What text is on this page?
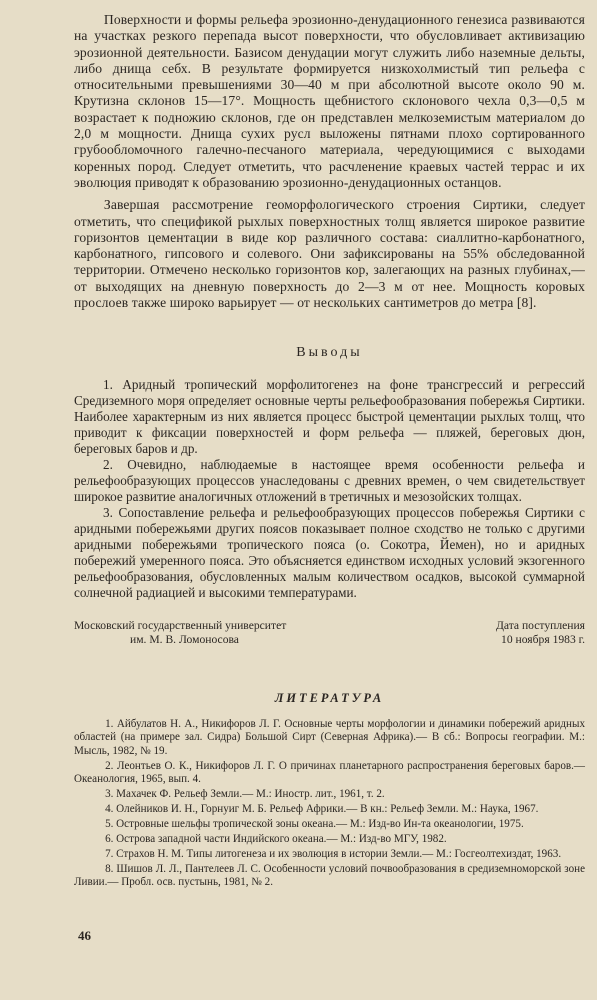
Поверхности и формы рельефа эрозионно-денудационного генезиса развиваются на участках резкого перепада высот поверхности, что обусловливает активизацию эрозионной деятельности. Базисом денудации могут служить либо наземные дельты, либо днища себх. В результате формируется низкохолмистый тип рельефа с относительными превышениями 30—40 м при абсолютной высоте около 90 м. Крутизна склонов 15—17°. Мощность щебнистого склонового чехла 0,3—0,5 м возрастает к подножию склонов, где он представлен мелкоземистым материалом до 2,0 м мощности. Днища сухих русл выложены пятнами плохо сортированного грубообломочного галечно-песчаного материала, чередующимися с выходами коренных пород. Следует отметить, что расчленение краевых частей террас и их эволюция приводят к образованию эрозионно-денудационных останцов.

Завершая рассмотрение геоморфологического строения Сиртики, следует отметить, что спецификой рыхлых поверхностных толщ является широкое развитие горизонтов цементации в виде кор различного состава: сиаллитно-карбонатного, карбонатного, гипсового и солевого. Они зафиксированы на 55% обследованной территории. Отмечено несколько горизонтов кор, залегающих на разных глубинах,— от выходящих на дневную поверхность до 2—3 м от нее. Мощность коровых прослоев также широко варьирует — от нескольких сантиметров до метра [8].

Выводы

1. Аридный тропический морфолитогенез на фоне трансгрессий и регрессий Средиземного моря определяет основные черты рельефообразования побережья Сиртики. Наиболее характерным из них является процесс быстрой цементации рыхлых толщ, что приводит к фиксации поверхностей и форм рельефа — пляжей, береговых дюн, береговых баров и др.

2. Очевидно, наблюдаемые в настоящее время особенности рельефа и рельефообразующих процессов унаследованы с древних времен, о чем свидетельствует широкое развитие аналогичных отложений в третичных и мезозойских толщах.

3. Сопоставление рельефа и рельефообразующих процессов побережья Сиртики с аридными побережьями других поясов показывает полное сходство не только с другими аридными побережьями тропического пояса (о. Сокотра, Йемен), но и аридных побережий умеренного пояса. Это объясняется единством исходных условий экзогенного рельефообразования, обусловленных малым количеством осадков, высокой суммарной солнечной радиацией и высокими температурами.

Московский государственный университет
им. М. В. Ломоносова
Дата поступления
10 ноября 1983 г.
ЛИТЕРАТУРА

1. Айбулатов Н. А., Никифоров Л. Г. Основные черты морфологии и динамики побережий аридных областей (на примере зал. Сидра) Большой Сирт (Северная Африка).— В сб.: Вопросы географии. М.: Мысль, 1982, № 19.

2. Леонтьев О. К., Никифоров Л. Г. О причинах планетарного распространения береговых баров.— Океанология, 1965, вып. 4.

3. Махачек Ф. Рельеф Земли.— М.: Иностр. лит., 1961, т. 2.

4. Олейников И. Н., Горнуиг М. Б. Рельеф Африки.— В кн.: Рельеф Земли. М.: Наука, 1967.

5. Островные шельфы тропической зоны океана.— М.: Изд-во Ин-та океанологии, 1975.

6. Острова западной части Индийского океана.— М.: Изд-во МГУ, 1982.

7. Страхов Н. М. Типы литогенеза и их эволюция в истории Земли.— М.: Госгеолтехиздат, 1963.

8. Шишов Л. Л., Пантелеев Л. С. Особенности условий почвообразования в средиземноморской зоне Ливии.— Пробл. осв. пустынь, 1981, № 2.

46
